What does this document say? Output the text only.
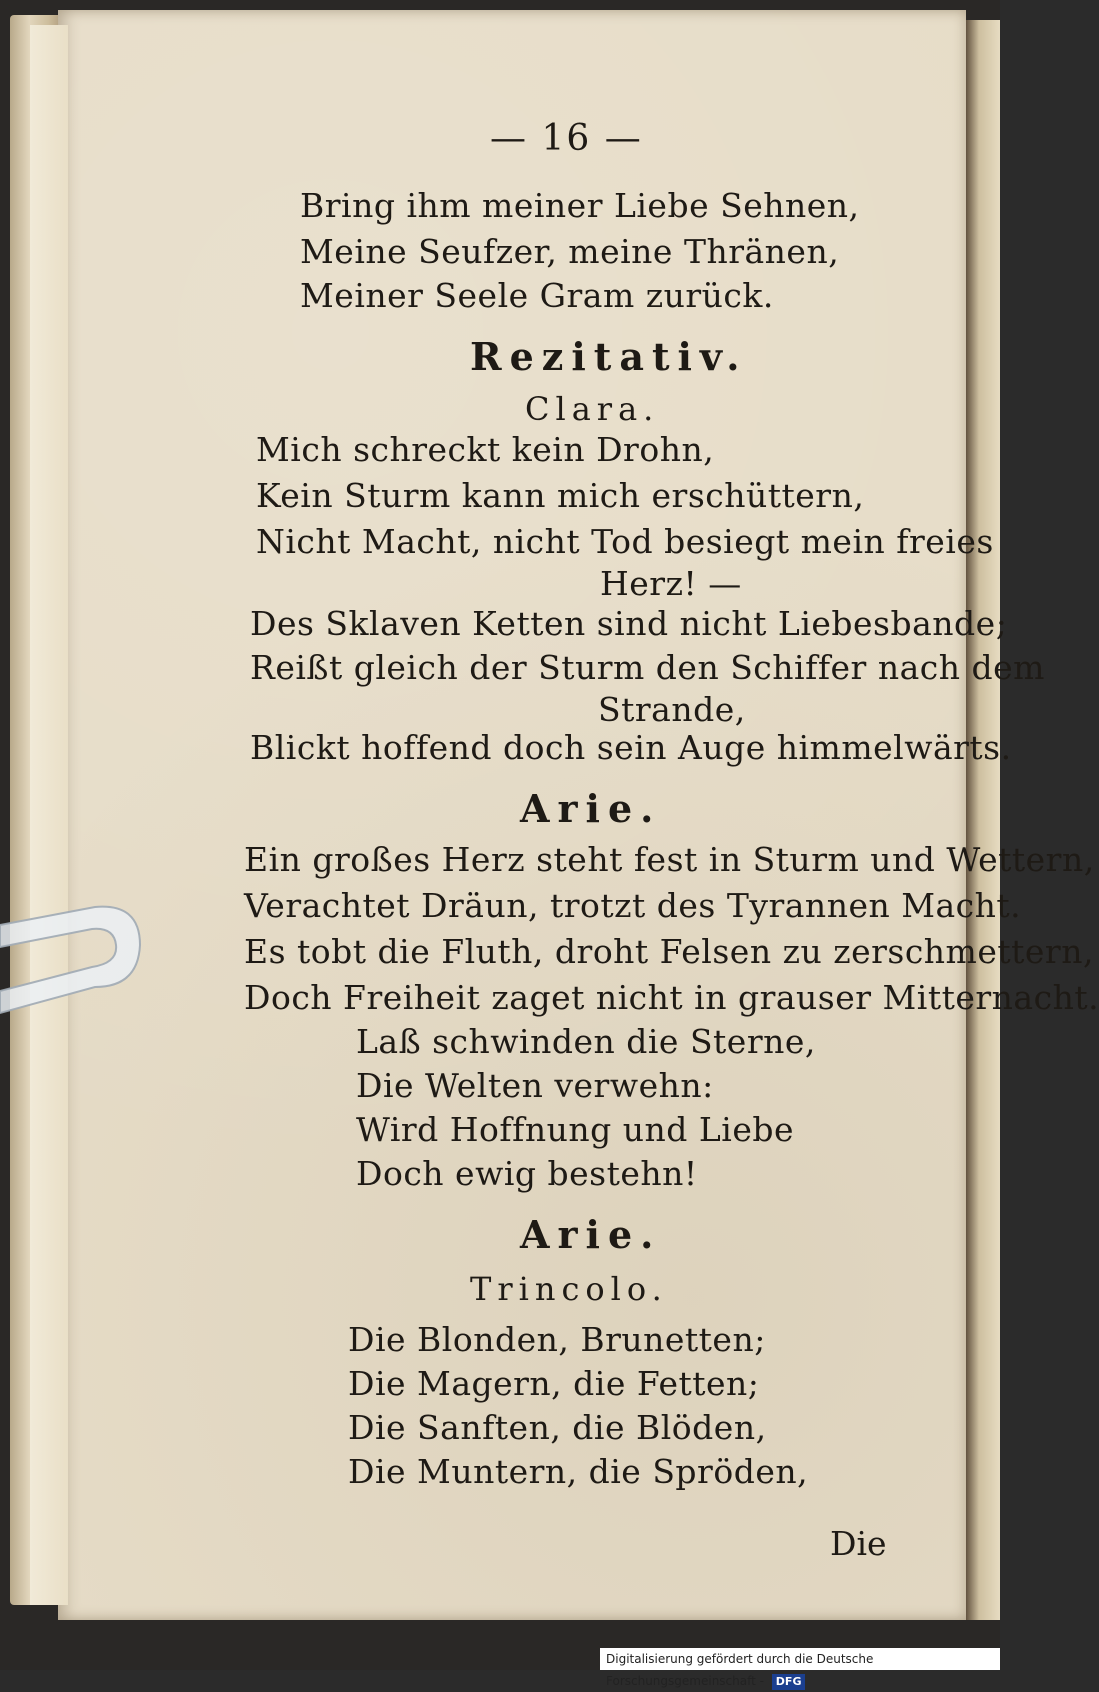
— 16 —
Bring ihm meiner Liebe Sehnen,
Meine Seufzer, meine Thränen,
Meiner Seele Gram zurück.
Rezitativ.
Clara.
Mich schreckt kein Drohn,
Kein Sturm kann mich erschüttern,
Nicht Macht, nicht Tod besiegt mein freies
Herz! —
Des Sklaven Ketten sind nicht Liebesbande;
Reißt gleich der Sturm den Schiffer nach dem
Strande,
Blickt hoffend doch sein Auge himmelwärts.
Arie.
Ein großes Herz steht fest in Sturm und Wettern,
Verachtet Dräun, trotzt des Tyrannen Macht.
Es tobt die Fluth, droht Felsen zu zerschmettern,
Doch Freiheit zaget nicht in grauser Mitternacht.
Laß schwinden die Sterne,
Die Welten verwehn:
Wird Hoffnung und Liebe
Doch ewig bestehn!
Arie.
Trincolo.
Die Blonden, Brunetten;
Die Magern, die Fetten;
Die Sanften, die Blöden,
Die Muntern, die Spröden,
Die
Digitalisierung gefördert durch die Deutsche Forschungsgemeinschaft - DFG
